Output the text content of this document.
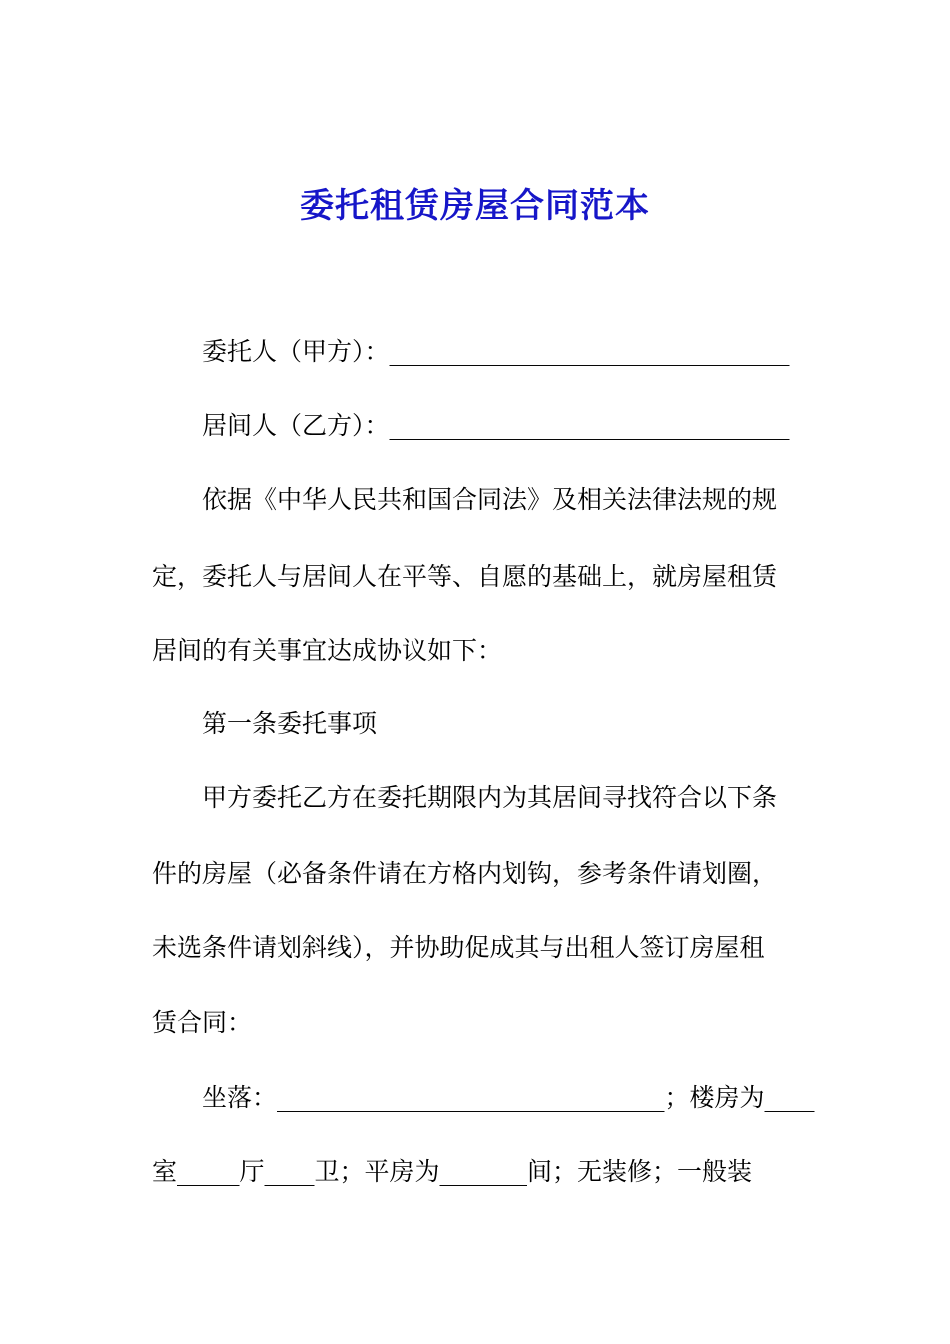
委托租赁房屋合同范本
委托人（甲方）：________________________________
居间人（乙方）：________________________________
依据《中华人民共和国合同法》及相关法律法规的规
定，委托人与居间人在平等、自愿的基础上，就房屋租赁
居间的有关事宜达成协议如下：
第一条委托事项
甲方委托乙方在委托期限内为其居间寻找符合以下条
件的房屋（必备条件请在方格内划钩，参考条件请划圈，
未选条件请划斜线），并协助促成其与出租人签订房屋租
赁合同：
坐落：_______________________________；楼房为____
室_____厅____卫；平房为_______间；无装修；一般装
